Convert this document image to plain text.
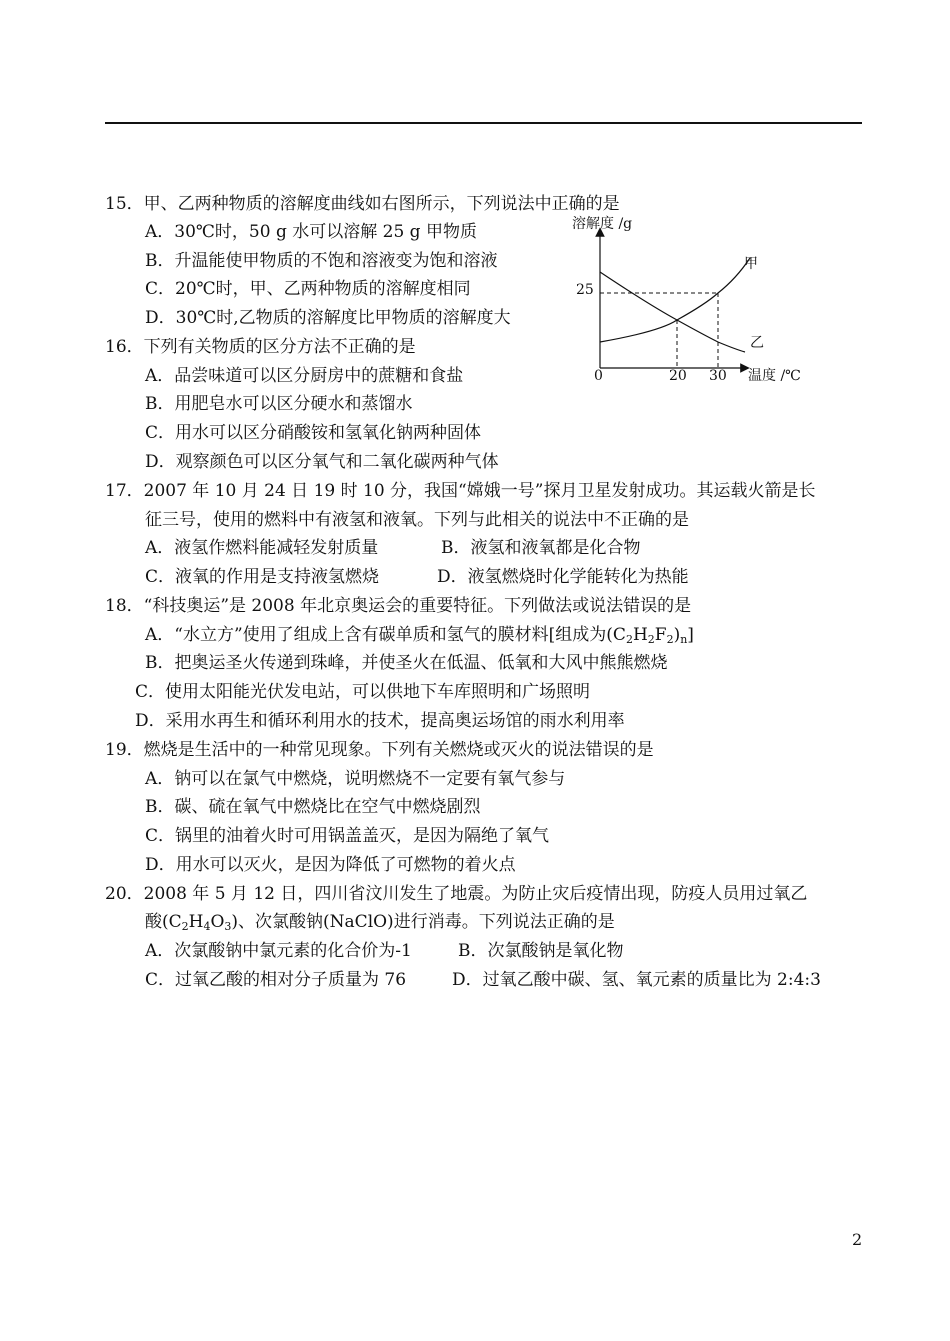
15．甲、乙两种物质的溶解度曲线如右图所示，下列说法中正确的是
A．30℃时，50 g 水可以溶解 25 g 甲物质
B．升温能使甲物质的不饱和溶液变为饱和溶液
C．20℃时，甲、乙两种物质的溶解度相同
D．30℃时,乙物质的溶解度比甲物质的溶解度大
溶解度 /g
温度 /℃
0	20 30
25
甲
乙
16．下列有关物质的区分方法不正确的是
A．品尝味道可以区分厨房中的蔗糖和食盐
B．用肥皂水可以区分硬水和蒸馏水
C．用水可以区分硝酸铵和氢氧化钠两种固体
D．观察颜色可以区分氧气和二氧化碳两种气体
17．2007 年 10 月 24 日 19 时 10 分，我国“嫦娥一号”探月卫星发射成功。其运载火箭是长
征三号，使用的燃料中有液氢和液氧。下列与此相关的说法中不正确的是
A．液氢作燃料能减轻发射质量	B．液氢和液氧都是化合物
C．液氧的作用是支持液氢燃烧	D．液氢燃烧时化学能转化为热能
18．“科技奥运”是 2008 年北京奥运会的重要特征。下列做法或说法错误的是
A．“水立方”使用了组成上含有碳单质和氢气的膜材料[组成为$(C_2H_2F_2)_n$]
B．把奥运圣火传递到珠峰，并使圣火在低温、低氧和大风中熊熊燃烧
C．使用太阳能光伏发电站，可以供地下车库照明和广场照明
D．采用水再生和循环利用水的技术，提高奥运场馆的雨水利用率
19．燃烧是生活中的一种常见现象。下列有关燃烧或灭火的说法错误的是
A．钠可以在氯气中燃烧，说明燃烧不一定要有氧气参与
B．碳、硫在氧气中燃烧比在空气中燃烧剧烈
C．锅里的油着火时可用锅盖盖灭，是因为隔绝了氧气
D．用水可以灭火，是因为降低了可燃物的着火点
20．2008 年 5 月 12 日，四川省汶川发生了地震。为防止灾后疫情出现，防疫人员用过氧乙
酸$(C_2H_4O_3)$、次氯酸钠(NaClO)进行消毒。下列说法正确的是
A．次氯酸钠中氯元素的化合价为-1	B．次氯酸钠是氧化物
C．过氧乙酸的相对分子质量为 76	D．过氧乙酸中碳、氢、氧元素的质量比为 2:4:3
2
